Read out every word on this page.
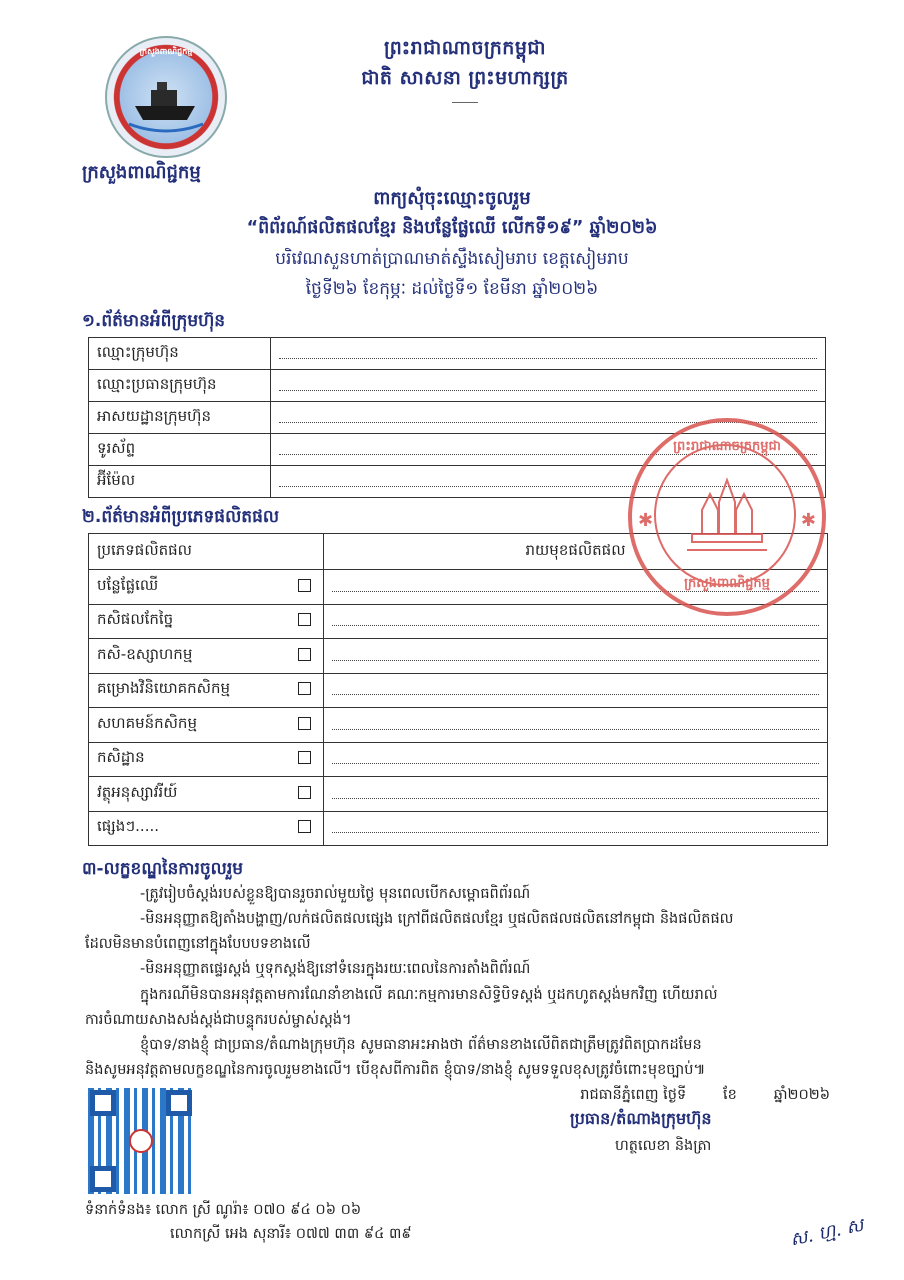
ក្រសួងពាណិជ្ជកម្ម	ព្រះរាជាណាចក្រកម្ពុជា
ជាតិ សាសនា ព្រះមហាក្សត្រ
ក្រសួងពាណិជ្ជកម្ម
ពាក្យសុំចុះឈ្មោះចូលរួម
“ពិព័រណ៍ផលិតផលខ្មែរ និងបន្លែផ្លែឈើ លើកទី១៩” ឆ្នាំ២០២៦
បរិវេណសួនហាត់ប្រាណមាត់ស្ទឹងសៀមរាប ខេត្តសៀមរាប
ថ្ងៃទី២៦ ខែកុម្ភៈ ដល់ថ្ងៃទី១ ខែមីនា ឆ្នាំ២០២៦
១.ព័ត៌មានអំពីក្រុមហ៊ុន
ឈ្មោះក្រុមហ៊ុន	

ឈ្មោះប្រធានក្រុមហ៊ុន	

អាសយដ្ឋានក្រុមហ៊ុន	

ទូរស័ព្ទ	

អ៊ីម៉ែល	
២.ព័ត៌មានអំពីប្រភេទផលិតផល
ប្រភេទផលិតផល		រាយមុខផលិតផល
បន្លែផ្លែឈើ		

កសិផលកែច្នៃ		

កសិ-ឧស្សាហកម្ម		

គម្រោងវិនិយោគកសិកម្ម		

សហគមន៍កសិកម្ម		

កសិដ្ឋាន		

វត្ថុអនុស្សាវរីយ៍		

ផ្សេងៗ.....		
ព្រះរាជាណាចក្រកម្ពុជា
✱	✱
ក្រសួងពាណិជ្ជកម្ម
៣-លក្ខខណ្ឌនៃការចូលរួម
-ត្រូវរៀបចំស្តង់របស់ខ្លួនឱ្យបានរួចរាល់មួយថ្ងៃ មុនពេលបើកសម្ពោធពិព័រណ៍
-មិនអនុញ្ញាតឱ្យតាំងបង្ហាញ/លក់ផលិតផលផ្សេង ក្រៅពីផលិតផលខ្មែរ ឬផលិតផលផលិតនៅកម្ពុជា និងផលិតផល
ដែលមិនមានបំពេញនៅក្នុងបែបបទខាងលើ
-មិនអនុញ្ញាតផ្ទេរស្តង់ ឬទុកស្តង់ឱ្យនៅទំនេរក្នុងរយៈពេលនៃការតាំងពិព័រណ៍
ក្នុងករណីមិនបានអនុវត្តតាមការណែនាំខាងលើ គណៈកម្មការមានសិទ្ធិបិទស្តង់ ឬដកហូតស្តង់មកវិញ ហើយរាល់
ការចំណាយសាងសង់ស្តង់ជាបន្ទុករបស់ម្ចាស់ស្តង់។
ខ្ញុំបាទ/នាងខ្ញុំ ជាប្រធាន/តំណាងក្រុមហ៊ុន សូមធានាអះអាងថា ព័ត៌មានខាងលើពិតជាត្រឹមត្រូវពិតប្រាកដមែន
និងសូមអនុវត្តតាមលក្ខខណ្ឌនៃការចូលរួមខាងលើ។ បើខុសពីការពិត ខ្ញុំបាទ/នាងខ្ញុំ សូមទទួលខុសត្រូវចំពោះមុខច្បាប់៕
រាជធានីភ្នំពេញ ថ្ងៃទី        ខែ        ឆ្នាំ២០២៦
ប្រធាន/តំណាងក្រុមហ៊ុន
ហត្ថលេខា និងត្រា
ទំនាក់ទំនង៖ លោក ស្រី ណូរ៉ា៖ ០៧០ ៩៤ ០៦ ០៦
លោកស្រី អេង សុនារី៖ ០៧៧ ៣៣ ៩៤ ៣៩	ស. ហ្ម. ស
